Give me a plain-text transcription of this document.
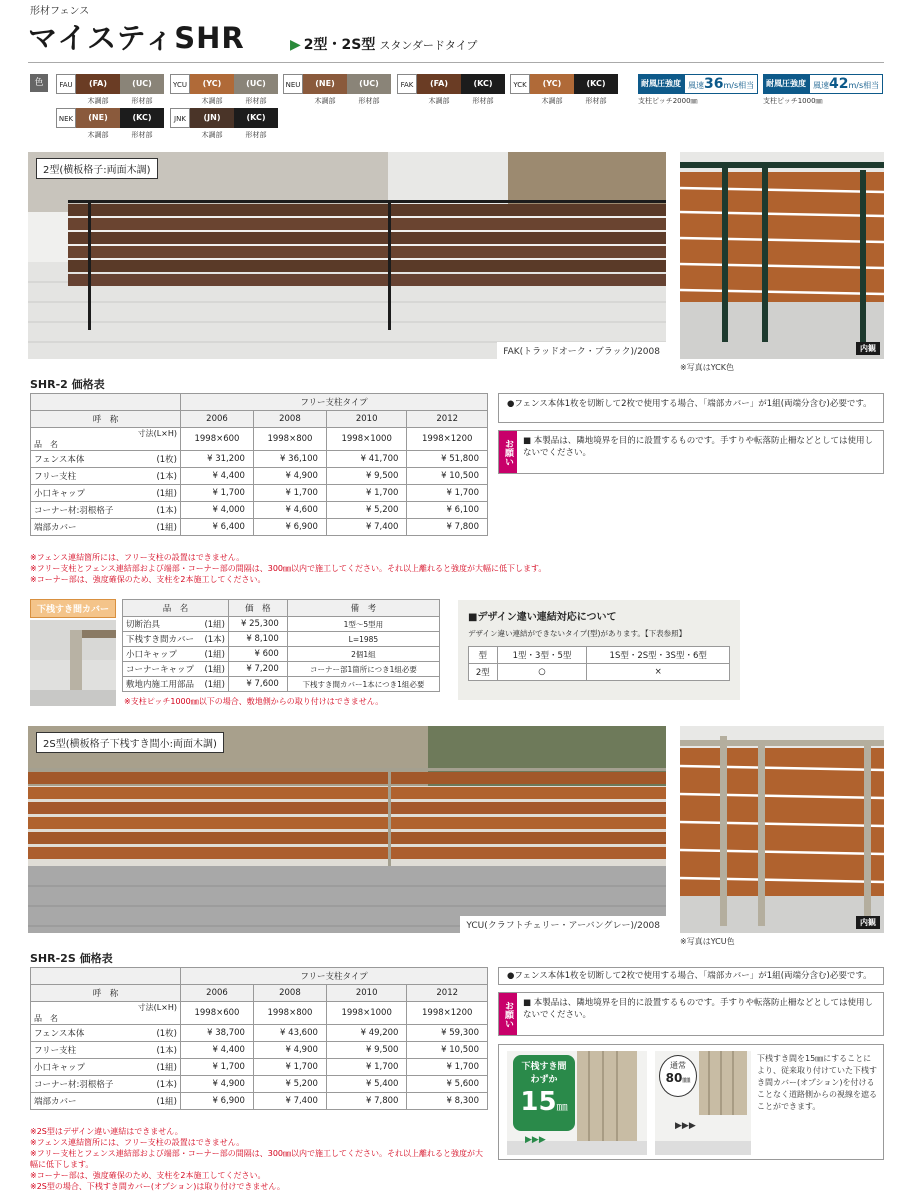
形材フェンス
マイスティSHR	▶ 2型・2S型 スタンダードタイプ
色	FAU	(FA)
木調部
(UC)
形材部
YCU	(YC)
木調部
(UC)
形材部
NEU	(NE)
木調部
(UC)
形材部
FAK	(FA)
木調部
(KC)
形材部
YCK	(YC)
木調部
(KC)
形材部
NEK	(NE)
木調部
(KC)
形材部
JNK	(JN)
木調部
(KC)
形材部
耐風圧強度 風速36m/s相当
支柱ピッチ2000㎜
耐風圧強度 風速42m/s相当
支柱ピッチ1000㎜
2型(横板格子:両面木調)
FAK(トラッドオーク・ブラック)/2008	内観
※写真はYCK色
SHR-2 価格表
	フリー支柱タイプ			
呼　称	2006	2008	2010	2012

寸法(L×H)
品　名	1998×600	1998×800	1998×1000	1998×1200
フェンス本体 (1枚)	¥ 31,200	¥ 36,100	¥ 41,700	¥ 51,800
フリー支柱 (1本)	¥ 4,400	¥ 4,900	¥ 9,500	¥ 10,500
小口キャップ (1組)	¥ 1,700	¥ 1,700	¥ 1,700	¥ 1,700
コーナー材:羽根格子 (1本)	¥ 4,000	¥ 4,600	¥ 5,200	¥ 6,100
端部カバー (1組)	¥ 6,400	¥ 6,900	¥ 7,400	¥ 7,800
●フェンス本体1枚を切断して2枚で使用する場合、「端部カバー」が1組(両端分含む)必要です。
お願い	■ 本製品は、隣地境界を目的に設置するものです。手すりや転落防止柵などとしては使用しないでください。
※フェンス連結箇所には、フリー支柱の設置はできません。
※フリー支柱とフェンス連結部および端部・コーナー部の間隔は、300㎜以内で施工してください。それ以上離れると強度が大幅に低下します。
※コーナー部は、強度確保のため、支柱を2本施工してください。
下桟すき間カバー	品　名	価　格	備　考
切断治具 (1組)	¥ 25,300	1型～5型用
下桟すき間カバー (1本)	¥ 8,100	L=1985
小口キャップ (1組)	¥ 600	2個1組
コーナーキャップ (1組)	¥ 7,200	コーナー部1箇所につき1組必要
敷地内施工用部品 (1組)	¥ 7,600	下桟すき間カバー1本につき1組必要
※支柱ピッチ1000㎜以下の場合、敷地側からの取り付けはできません。
■デザイン違い連結対応について
デザイン違い連結ができないタイプ(型)があります。【下表参照】
型	1型・3型・5型	1S型・2S型・3S型・6型
2型	○	×
2S型(横板格子下桟すき間小:両面木調)
YCU(クラフトチェリー・アーバングレー)/2008	内観
※写真はYCU色
SHR-2S 価格表
	フリー支柱タイプ			
呼　称	2006	2008	2010	2012

寸法(L×H)
品　名	1998×600	1998×800	1998×1000	1998×1200
フェンス本体 (1枚)	¥ 38,700	¥ 43,600	¥ 49,200	¥ 59,300
フリー支柱 (1本)	¥ 4,400	¥ 4,900	¥ 9,500	¥ 10,500
小口キャップ (1組)	¥ 1,700	¥ 1,700	¥ 1,700	¥ 1,700
コーナー材:羽根格子 (1本)	¥ 4,900	¥ 5,200	¥ 5,400	¥ 5,600
端部カバー (1組)	¥ 6,900	¥ 7,400	¥ 7,800	¥ 8,300
●フェンス本体1枚を切断して2枚で使用する場合、「端部カバー」が1組(両端分含む)必要です。
お願い	■ 本製品は、隣地境界を目的に設置するものです。手すりや転落防止柵などとしては使用しないでください。
※2S型はデザイン違い連結はできません。
※フェンス連結箇所には、フリー支柱の設置はできません。
※フリー支柱とフェンス連結部および端部・コーナー部の間隔は、300㎜以内で施工してください。それ以上離れると強度が大幅に低下します。
※コーナー部は、強度確保のため、支柱を2本施工してください。
※2S型の場合、下桟すき間カバー(オプション)は取り付けできません。
下桟すき間
わずか
15㎜
▶▶▶
通常
80㎜
▶▶▶
下桟すき間を15㎜にすることにより、従来取り付けていた下桟すき間カバー(オプション)を付けることなく道路側からの視線を遮ることができます。
